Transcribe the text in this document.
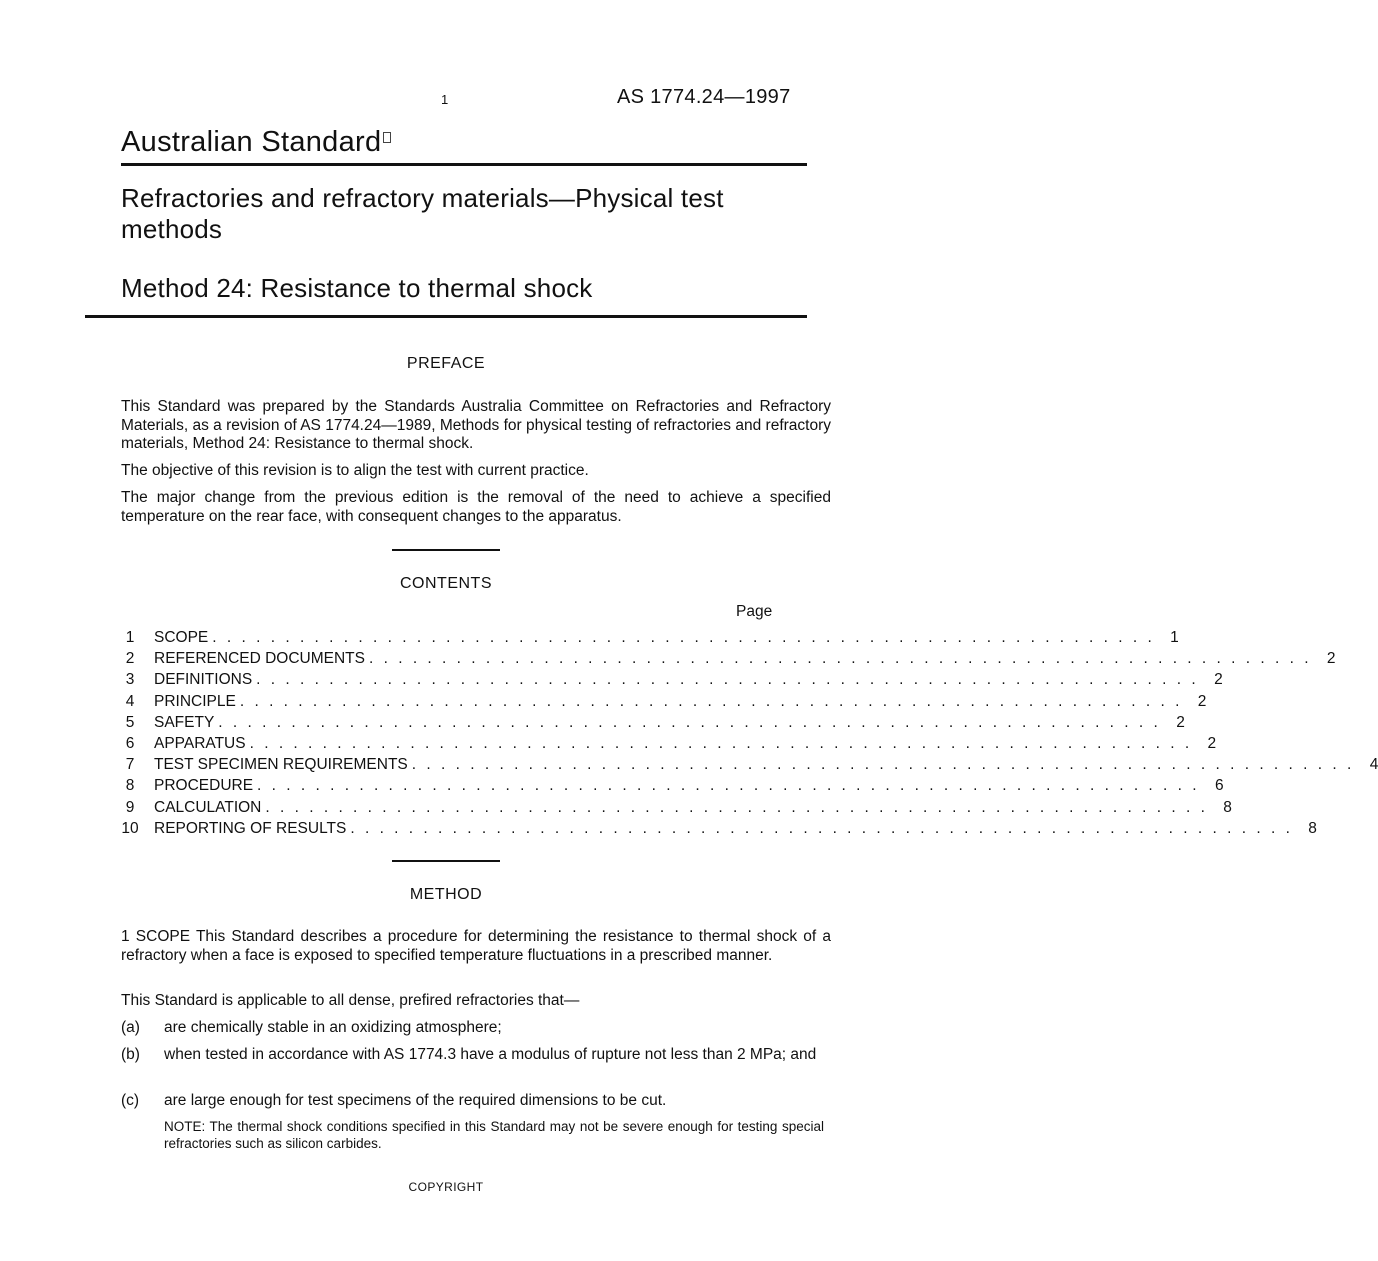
1	AS 1774.24—1997
Australian Standard
Refractories and refractory materials—Physical test methods
Method 24: Resistance to thermal shock
PREFACE
This Standard was prepared by the Standards Australia Committee on Refractories and Refractory Materials, as a revision of AS 1774.24—1989, Methods for physical testing of refractories and refractory materials, Method 24: Resistance to thermal shock.
The objective of this revision is to align the test with current practice.
The major change from the previous edition is the removal of the need to achieve a specified temperature on the rear face, with consequent changes to the apparatus.
CONTENTS
Page
1	SCOPE . . . . . . . . . . . . . . . . . . . . . . . . . . . . . . . . . . . . . . . . . . . . . . . . . . . . . . . . . . . . . . . . . 1
2	REFERENCED DOCUMENTS . . . . . . . . . . . . . . . . . . . . . . . . . . . . . . . . . . . . . . . . . . . . . . . . . . . . . . . . . . . . . . . . . 2
3	DEFINITIONS . . . . . . . . . . . . . . . . . . . . . . . . . . . . . . . . . . . . . . . . . . . . . . . . . . . . . . . . . . . . . . . . . 2
4	PRINCIPLE . . . . . . . . . . . . . . . . . . . . . . . . . . . . . . . . . . . . . . . . . . . . . . . . . . . . . . . . . . . . . . . . . 2
5	SAFETY . . . . . . . . . . . . . . . . . . . . . . . . . . . . . . . . . . . . . . . . . . . . . . . . . . . . . . . . . . . . . . . . . 2
6	APPARATUS . . . . . . . . . . . . . . . . . . . . . . . . . . . . . . . . . . . . . . . . . . . . . . . . . . . . . . . . . . . . . . . . . 2
7	TEST SPECIMEN REQUIREMENTS . . . . . . . . . . . . . . . . . . . . . . . . . . . . . . . . . . . . . . . . . . . . . . . . . . . . . . . . . . . . . . . . . 4
8	PROCEDURE . . . . . . . . . . . . . . . . . . . . . . . . . . . . . . . . . . . . . . . . . . . . . . . . . . . . . . . . . . . . . . . . . 6
9	CALCULATION . . . . . . . . . . . . . . . . . . . . . . . . . . . . . . . . . . . . . . . . . . . . . . . . . . . . . . . . . . . . . . . . . 8
10 REPORTING OF RESULTS . . . . . . . . . . . . . . . . . . . . . . . . . . . . . . . . . . . . . . . . . . . . . . . . . . . . . . . . . . . . . . . . . 8
METHOD
1 SCOPE This Standard describes a procedure for determining the resistance to thermal shock of a refractory when a face is exposed to specified temperature fluctuations in a prescribed manner.
This Standard is applicable to all dense, prefired refractories that—
(a) are chemically stable in an oxidizing atmosphere;
(b) when tested in accordance with AS 1774.3 have a modulus of rupture not less than 2 MPa; and
(c) are large enough for test specimens of the required dimensions to be cut.
NOTE: The thermal shock conditions specified in this Standard may not be severe enough for testing special refractories such as silicon carbides.
COPYRIGHT
